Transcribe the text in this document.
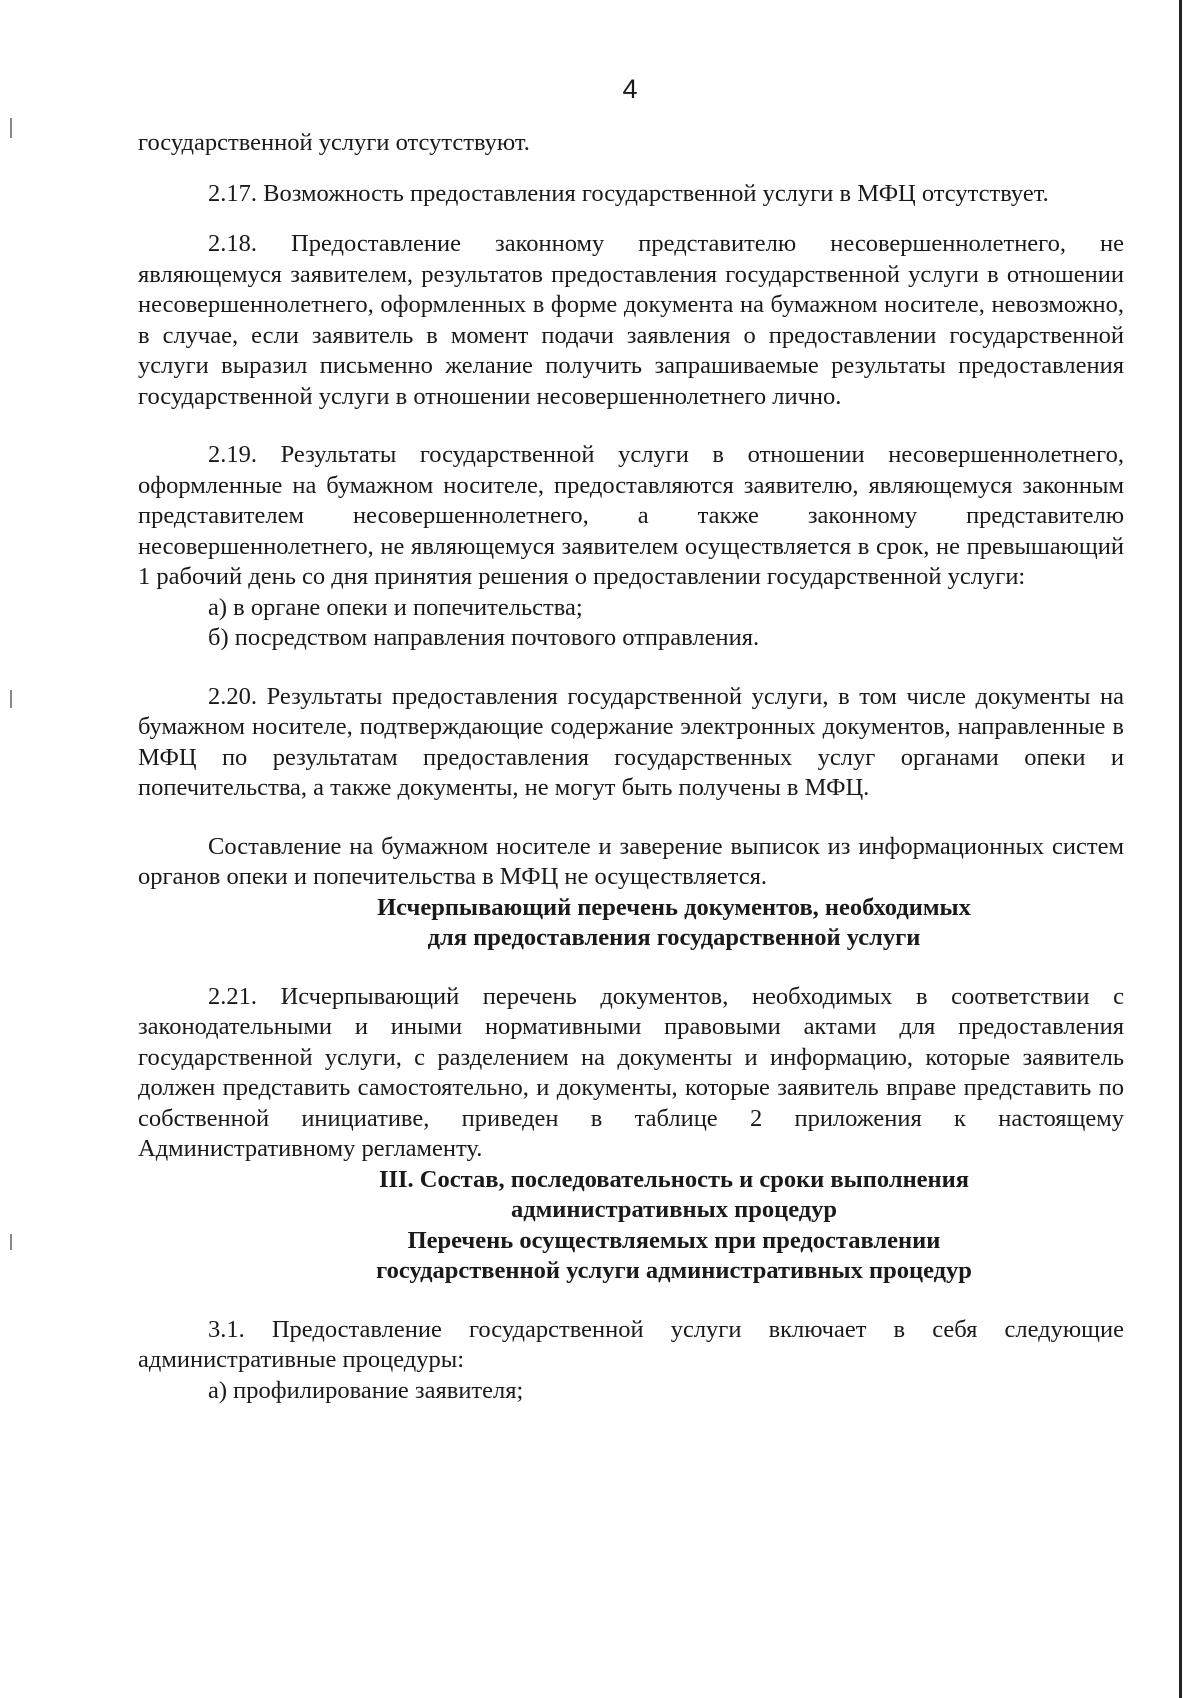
4

государственной услуги отсутствуют.

2.17. Возможность предоставления государственной услуги в МФЦ отсутствует.

2.18. Предоставление законному представителю несовершеннолетнего, не являющемуся заявителем, результатов предоставления государственной услуги в отношении несовершеннолетнего, оформленных в форме документа на бумажном носителе, невозможно, в случае, если заявитель в момент подачи заявления о предоставлении государственной услуги выразил письменно желание получить запрашиваемые результаты предоставления государственной услуги в отношении несовершеннолетнего лично.

2.19. Результаты государственной услуги в отношении несовершеннолетнего, оформленные на бумажном носителе, предоставляются заявителю, являющемуся законным представителем несовершеннолетнего, а также законному представителю несовершеннолетнего, не являющемуся заявителем осуществляется в срок, не превышающий 1 рабочий день со дня принятия решения о предоставлении государственной услуги:

а) в органе опеки и попечительства;

б) посредством направления почтового отправления.

2.20. Результаты предоставления государственной услуги, в том числе документы на бумажном носителе, подтверждающие содержание электронных документов, направленные в МФЦ по результатам предоставления государственных услуг органами опеки и попечительства, а также документы, не могут быть получены в МФЦ.

Составление на бумажном носителе и заверение выписок из информационных систем органов опеки и попечительства в МФЦ не осуществляется.

Исчерпывающий перечень документов, необходимых
для предоставления государственной услуги

2.21. Исчерпывающий перечень документов, необходимых в соответствии с законодательными и иными нормативными правовыми актами для предоставления государственной услуги, с разделением на документы и информацию, которые заявитель должен представить самостоятельно, и документы, которые заявитель вправе представить по собственной инициативе, приведен в таблице 2 приложения к настоящему Административному регламенту.

III. Состав, последовательность и сроки выполнения
административных процедур
Перечень осуществляемых при предоставлении
государственной услуги административных процедур

3.1. Предоставление государственной услуги включает в себя следующие административные процедуры:

а) профилирование заявителя;
